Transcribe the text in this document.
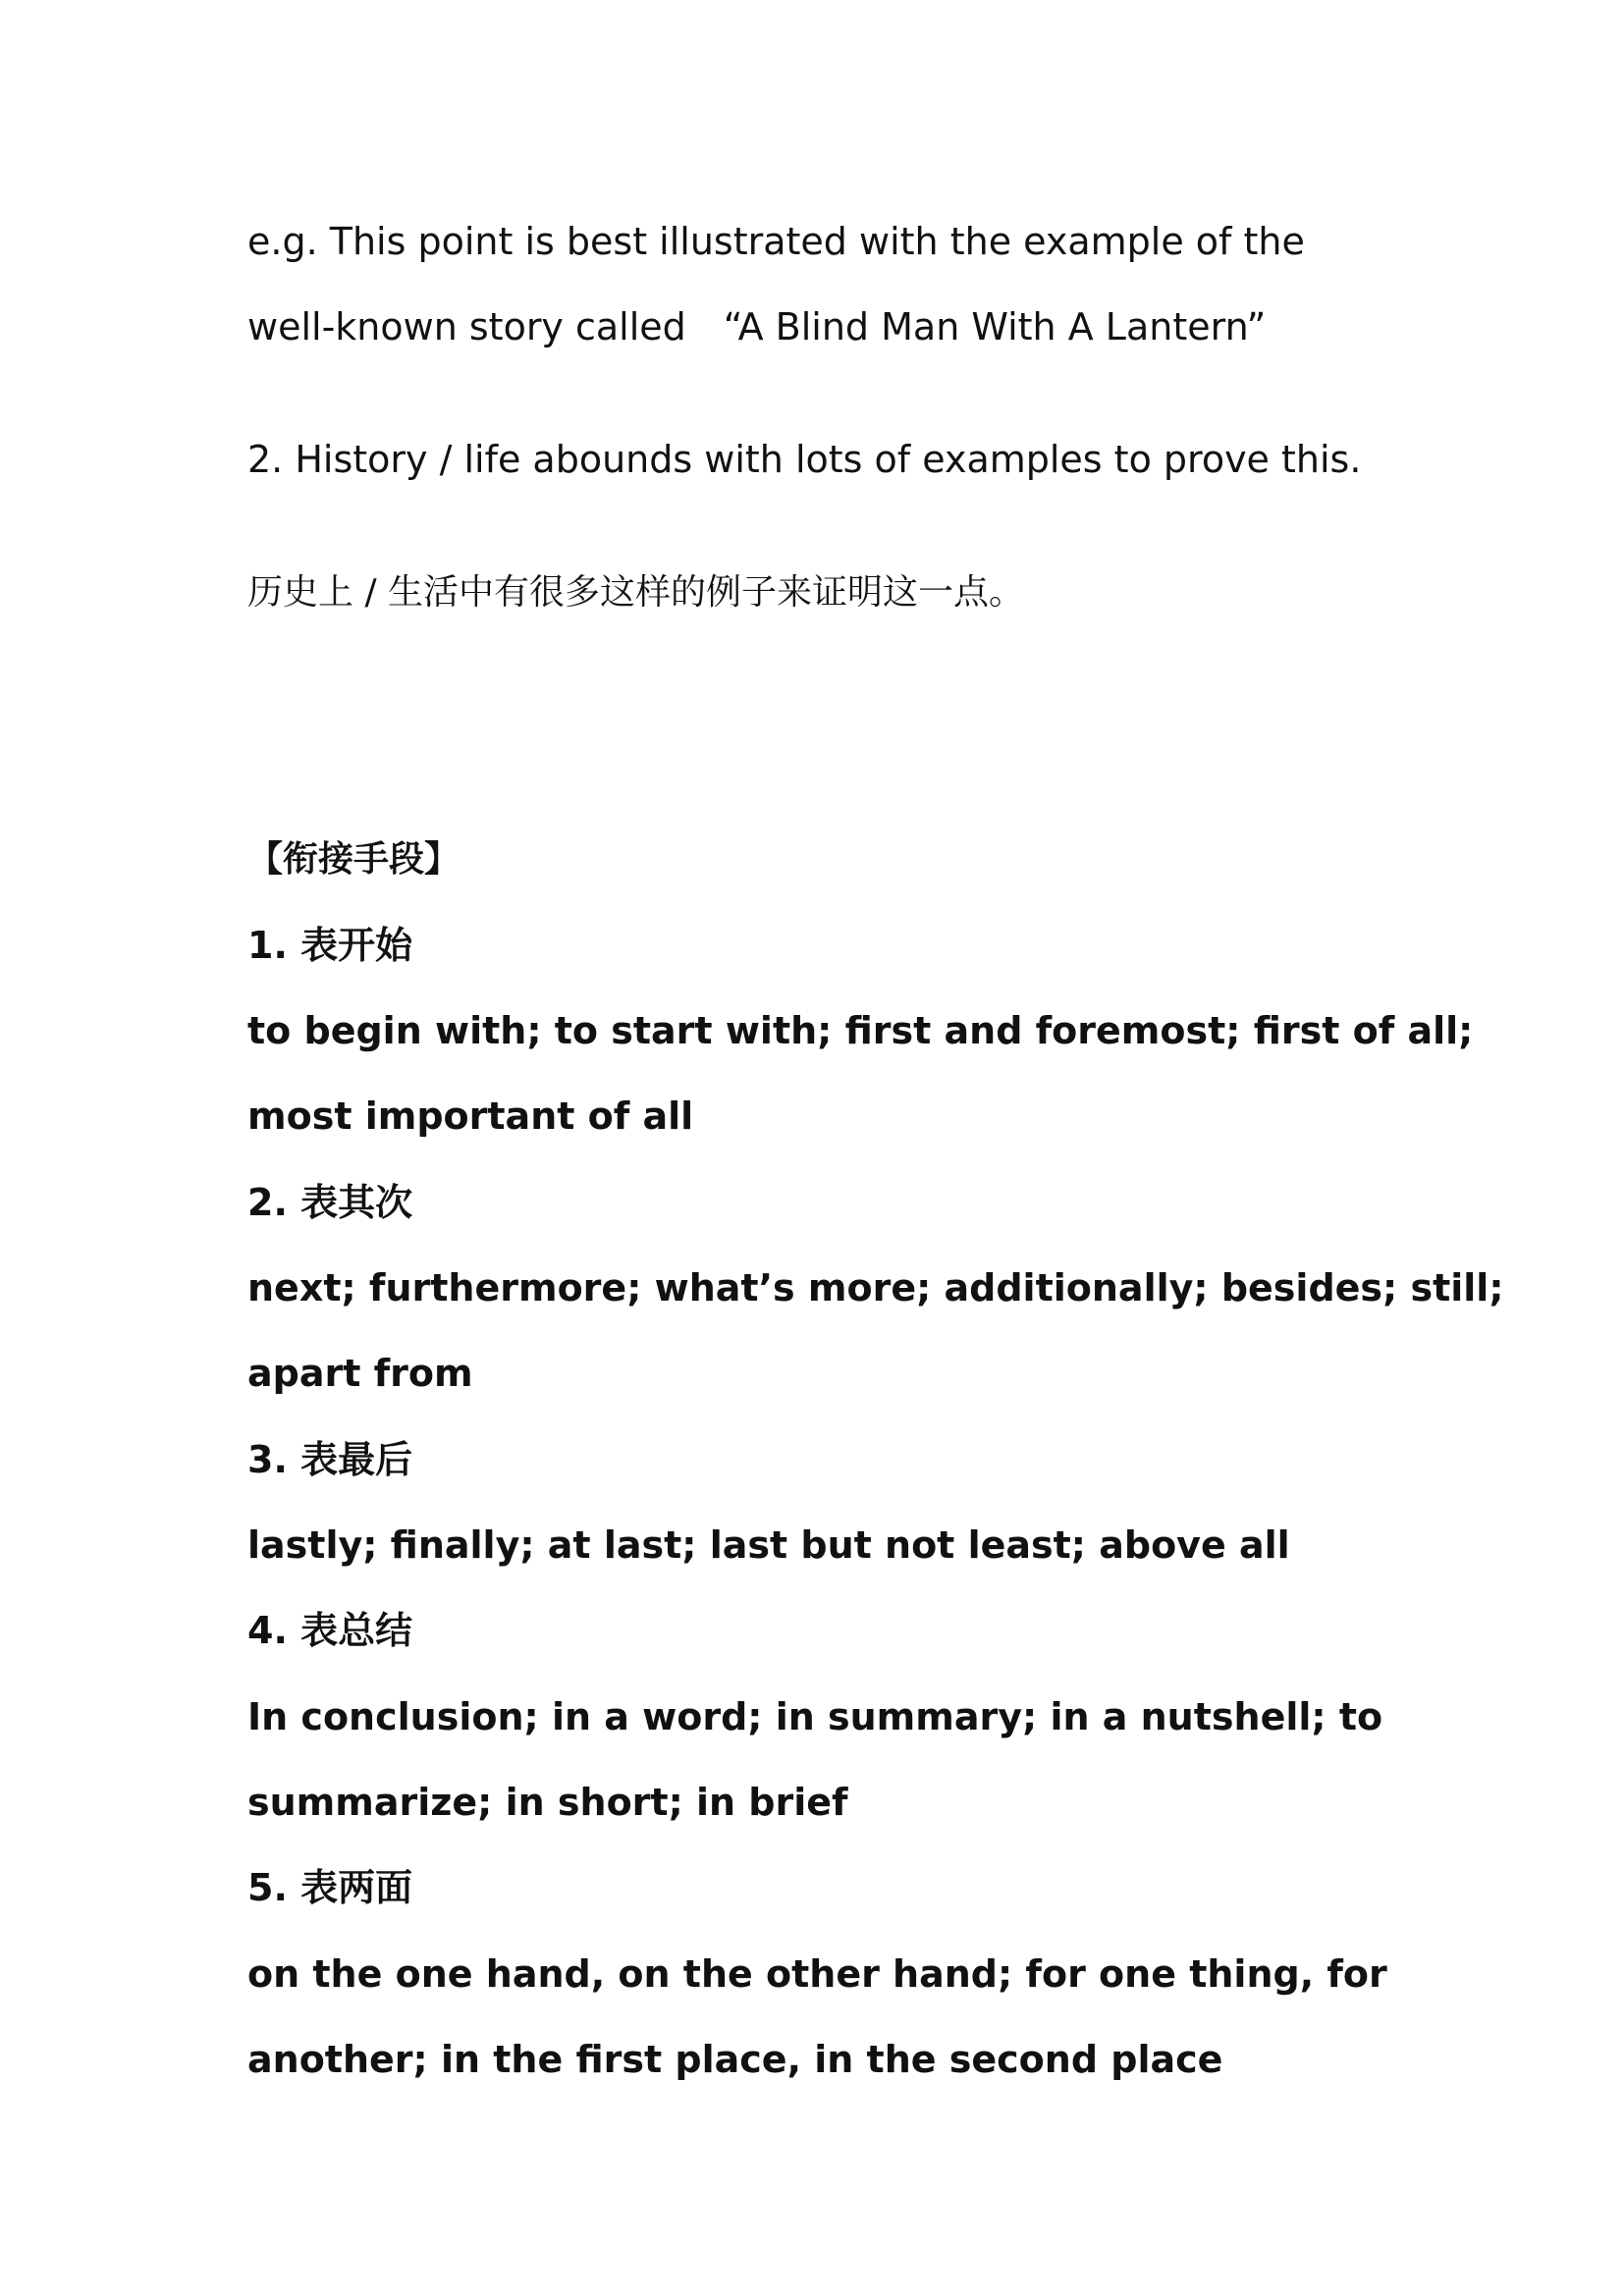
e.g. This point is best illustrated with the example of the
well-known story called　“A Blind Man With A Lantern”
2. History / life abounds with lots of examples to prove this.
历史上 / 生活中有很多这样的例子来证明这一点。
【衔接手段】
1. 表开始
to begin with; to start with; first and foremost; first of all;
most important of all
2. 表其次
next; furthermore; what’s more; additionally; besides; still;
apart from
3. 表最后
lastly; finally; at last; last but not least; above all
4. 表总结
In conclusion; in a word; in summary; in a nutshell; to
summarize; in short; in brief
5. 表两面
on the one hand, on the other hand; for one thing, for
another; in the first place, in the second place
